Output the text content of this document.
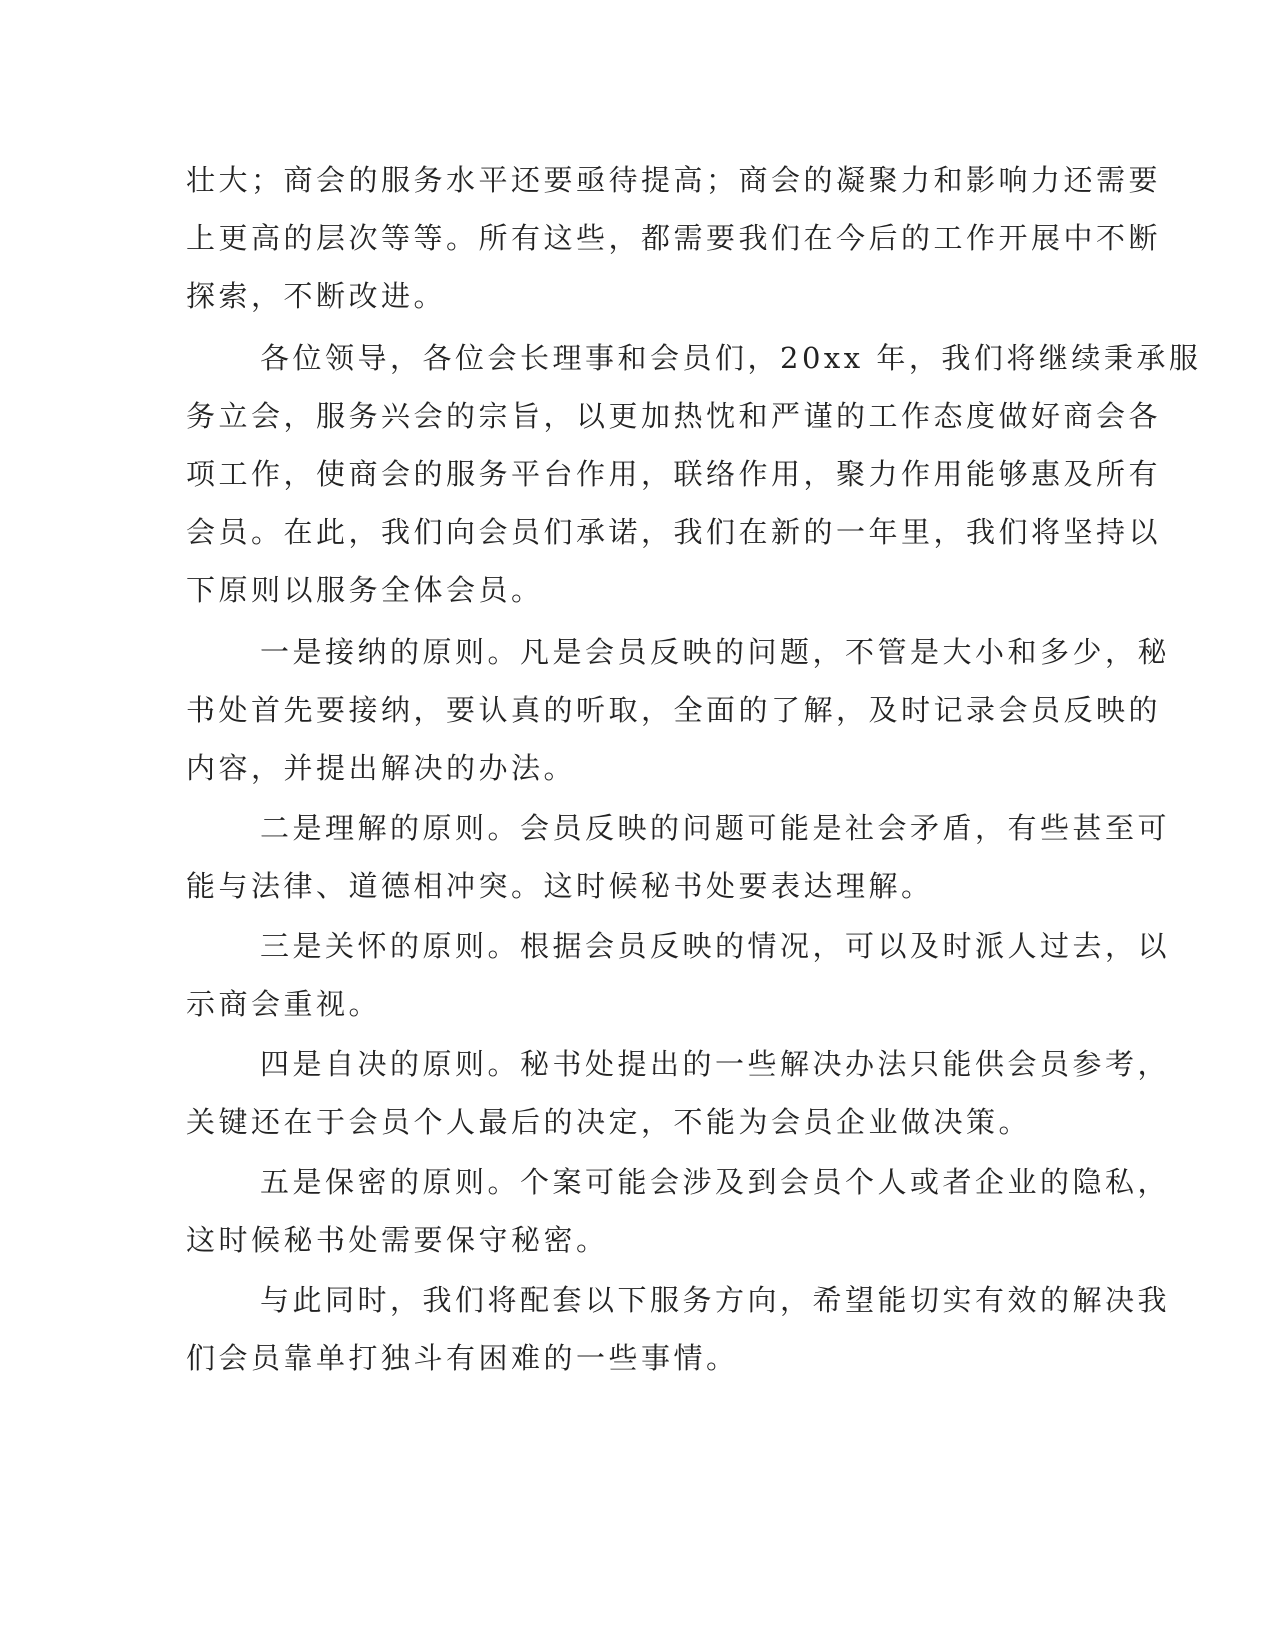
壮大；商会的服务水平还要亟待提高；商会的凝聚力和影响力还需要
上更高的层次等等。所有这些，都需要我们在今后的工作开展中不断
探索，不断改进。
各位领导，各位会长理事和会员们，20xx 年，我们将继续秉承服
务立会，服务兴会的宗旨，以更加热忱和严谨的工作态度做好商会各
项工作，使商会的服务平台作用，联络作用，聚力作用能够惠及所有
会员。在此，我们向会员们承诺，我们在新的一年里，我们将坚持以
下原则以服务全体会员。
一是接纳的原则。凡是会员反映的问题，不管是大小和多少，秘
书处首先要接纳，要认真的听取，全面的了解，及时记录会员反映的
内容，并提出解决的办法。
二是理解的原则。会员反映的问题可能是社会矛盾，有些甚至可
能与法律、道德相冲突。这时候秘书处要表达理解。
三是关怀的原则。根据会员反映的情况，可以及时派人过去，以
示商会重视。
四是自决的原则。秘书处提出的一些解决办法只能供会员参考，
关键还在于会员个人最后的决定，不能为会员企业做决策。
五是保密的原则。个案可能会涉及到会员个人或者企业的隐私，
这时候秘书处需要保守秘密。
与此同时，我们将配套以下服务方向，希望能切实有效的解决我
们会员靠单打独斗有困难的一些事情。
